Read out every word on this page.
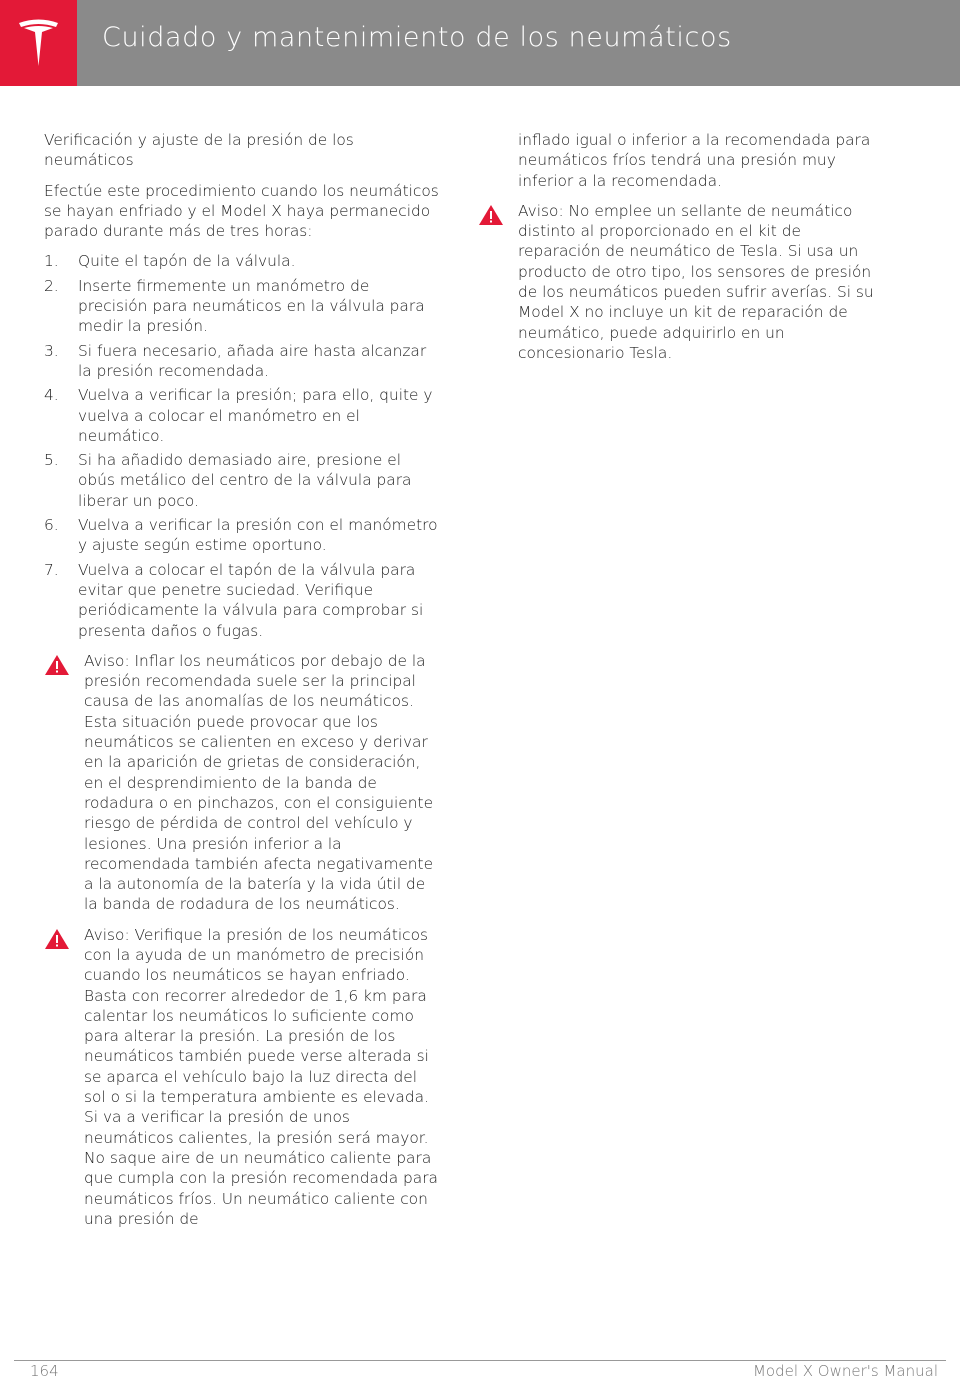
Cuidado y mantenimiento de los neumáticos

Verificación y ajuste de la presión de los neumáticos

Efectúe este procedimiento cuando los neumáticos se hayan enfriado y el Model X haya permanecido parado durante más de tres horas:

1. Quite el tapón de la válvula.
2. Inserte firmemente un manómetro de precisión para neumáticos en la válvula para medir la presión.
3. Si fuera necesario, añada aire hasta alcanzar la presión recomendada.
4. Vuelva a verificar la presión; para ello, quite y vuelva a colocar el manómetro en el neumático.
5. Si ha añadido demasiado aire, presione el obús metálico del centro de la válvula para liberar un poco.
6. Vuelva a verificar la presión con el manómetro y ajuste según estime oportuno.
7. Vuelva a colocar el tapón de la válvula para evitar que penetre suciedad. Verifique periódicamente la válvula para comprobar si presenta daños o fugas.
Aviso: Inflar los neumáticos por debajo de la presión recomendada suele ser la principal causa de las anomalías de los neumáticos. Esta situación puede provocar que los neumáticos se calienten en exceso y derivar en la aparición de grietas de consideración, en el desprendimiento de la banda de rodadura o en pinchazos, con el consiguiente riesgo de pérdida de control del vehículo y lesiones. Una presión inferior a la recomendada también afecta negativamente a la autonomía de la batería y la vida útil de la banda de rodadura de los neumáticos.
Aviso: Verifique la presión de los neumáticos con la ayuda de un manómetro de precisión cuando los neumáticos se hayan enfriado. Basta con recorrer alrededor de 1,6 km para calentar los neumáticos lo suficiente como para alterar la presión. La presión de los neumáticos también puede verse alterada si se aparca el vehículo bajo la luz directa del sol o si la temperatura ambiente es elevada. Si va a verificar la presión de unos neumáticos calientes, la presión será mayor. No saque aire de un neumático caliente para que cumpla con la presión recomendada para neumáticos fríos. Un neumático caliente con una presión de

inflado igual o inferior a la recomendada para neumáticos fríos tendrá una presión muy inferior a la recomendada.

Aviso: No emplee un sellante de neumático distinto al proporcionado en el kit de reparación de neumático de Tesla. Si usa un producto de otro tipo, los sensores de presión de los neumáticos pueden sufrir averías. Si su Model X no incluye un kit de reparación de neumático, puede adquirirlo en un concesionario Tesla.
164	Model X Owner's Manual
